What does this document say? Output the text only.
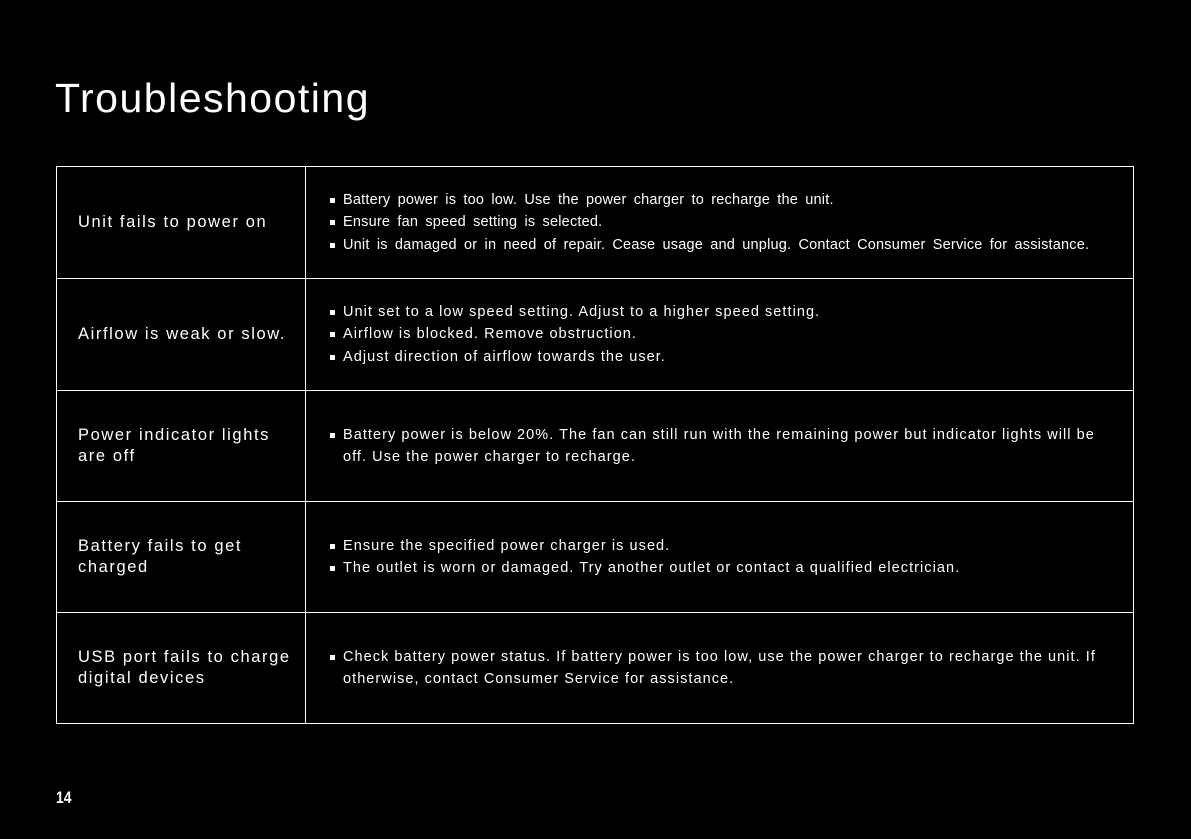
Troubleshooting
Unit fails to power on
Battery power is too low. Use the power charger to recharge the unit.
Ensure fan speed setting is selected.
Unit is damaged or in need of repair. Cease usage and unplug. Contact Consumer Service for assistance.
Airflow is weak or slow.
Unit set to a low speed setting. Adjust to a higher speed setting.
Airflow is blocked. Remove obstruction.
Adjust direction of airflow towards the user.
Power indicator lights are off
Battery power is below 20%. The fan can still run with the remaining power but indicator lights will be off. Use the power charger to recharge.
Battery fails to get charged
Ensure the specified power charger is used.
The outlet is worn or damaged. Try another outlet or contact a qualified electrician.
USB port fails to charge digital devices
Check battery power status. If battery power is too low, use the power charger to recharge the unit. If otherwise, contact Consumer Service for assistance.
14
